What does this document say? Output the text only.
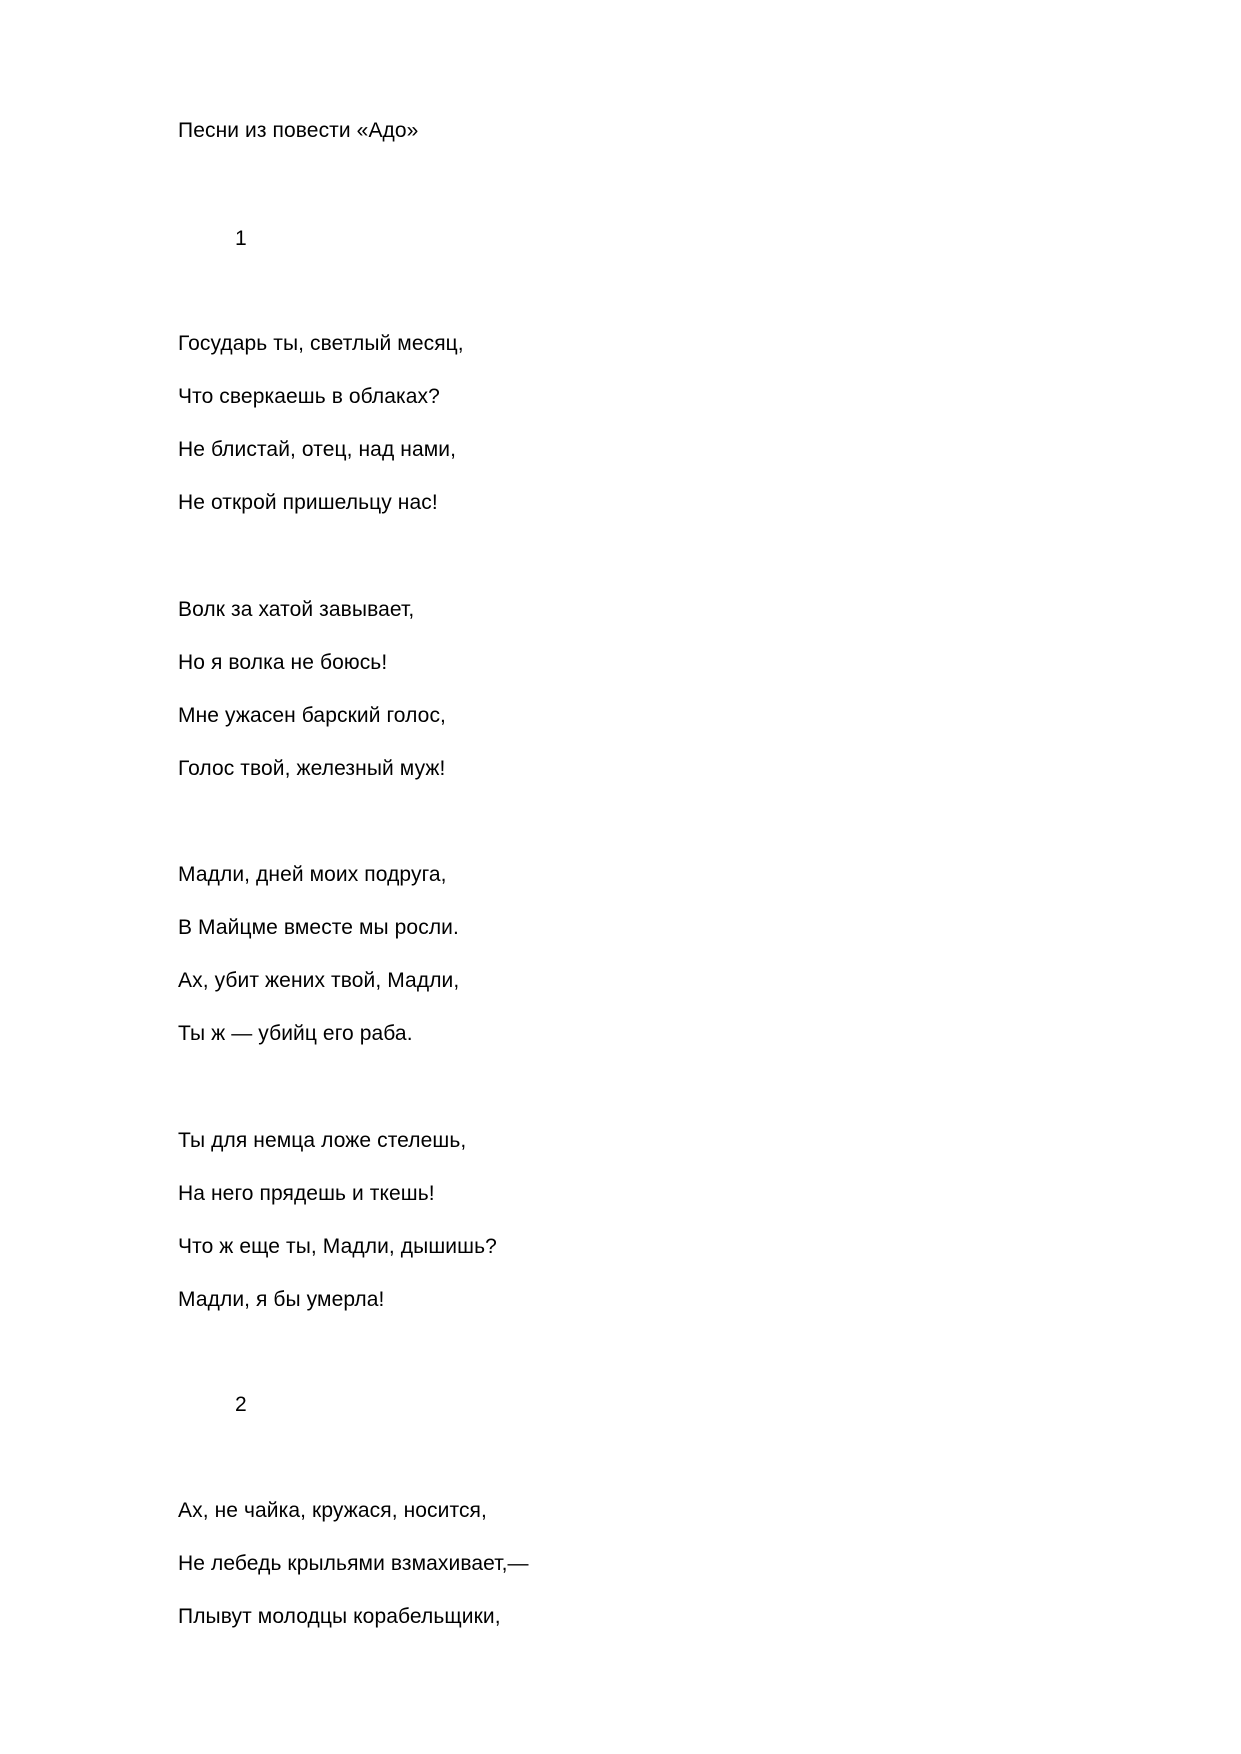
Песни из повести «Адо»
1
Государь ты, светлый месяц,
Что сверкаешь в облаках?
Не блистай, отец, над нами,
Не открой пришельцу нас!
Волк за хатой завывает,
Но я волка не боюсь!
Мне ужасен барский голос,
Голос твой, железный муж!
Мадли, дней моих подруга,
В Майцме вместе мы росли.
Ах, убит жених твой, Мадли,
Ты ж — убийц его раба.
Ты для немца ложе стелешь,
На него прядешь и ткешь!
Что ж еще ты, Мадли, дышишь?
Мадли, я бы умерла!
2
Ах, не чайка, кружася, носится,
Не лебедь крыльями взмахивает,—
Плывут молодцы корабельщики,
